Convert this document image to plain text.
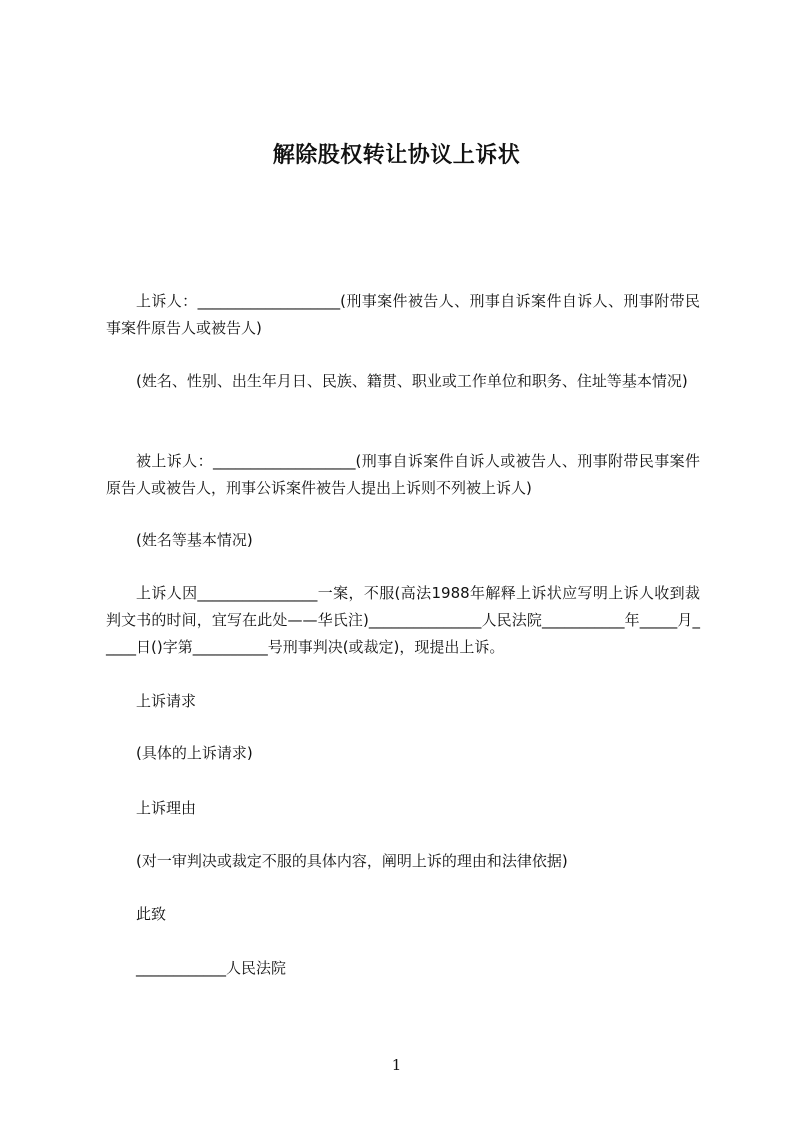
解除股权转让协议上诉状
上诉人：___________________(刑事案件被告人、刑事自诉案件自诉人、刑事附带民事案件原告人或被告人)
(姓名、性别、出生年月日、民族、籍贯、职业或工作单位和职务、住址等基本情况)
被上诉人：___________________(刑事自诉案件自诉人或被告人、刑事附带民事案件原告人或被告人，刑事公诉案件被告人提出上诉则不列被上诉人)
(姓名等基本情况)
上诉人因________________一案，不服(高法1988年解释上诉状应写明上诉人收到裁判文书的时间，宜写在此处——华氏注)_______________人民法院___________年_____月_____日()字第__________号刑事判决(或裁定)，现提出上诉。
上诉请求
(具体的上诉请求)
上诉理由
(对一审判决或裁定不服的具体内容，阐明上诉的理由和法律依据)
此致
____________人民法院
1
